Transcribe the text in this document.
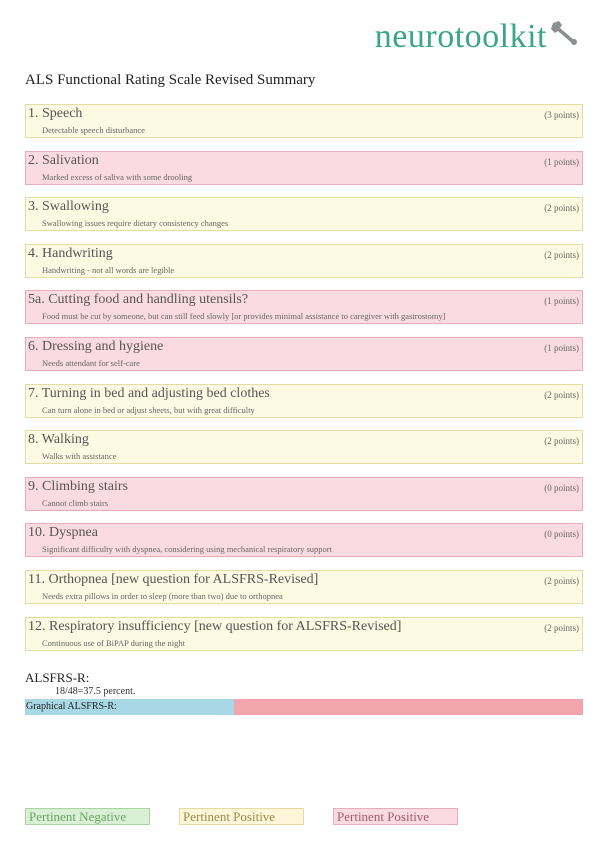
neurotoolkit
ALS Functional Rating Scale Revised Summary
1. Speech	(3 points)
Detectable speech disturbance
2. Salivation	(1 points)
Marked excess of saliva with some drooling
3. Swallowing	(2 points)
Swallowing issues require dietary consistency changes
4. Handwriting	(2 points)
Handwriting - not all words are legible
5a. Cutting food and handling utensils?	(1 points)
Food must be cut by someone, but can still feed slowly [or provides minimal assistance to caregiver with gastrostomy]
6. Dressing and hygiene	(1 points)
Needs attendant for self-care
7. Turning in bed and adjusting bed clothes	(2 points)
Can turn alone in bed or adjust sheets, but with great difficulty
8. Walking	(2 points)
Walks with assistance
9. Climbing stairs	(0 points)
Cannot climb stairs
10. Dyspnea	(0 points)
Significant difficulty with dyspnea, considering using mechanical respiratory support
11. Orthopnea [new question for ALSFRS-Revised]	(2 points)
Needs extra pillows in order to sleep (more than two) due to orthopnea
12. Respiratory insufficiency [new question for ALSFRS-Revised]	(2 points)
Continuous use of BiPAP during the night
ALSFRS-R:
18/48=37.5 percent.
Graphical ALSFRS-R:
Pertinent Negative	Pertinent Positive	Pertinent Positive
